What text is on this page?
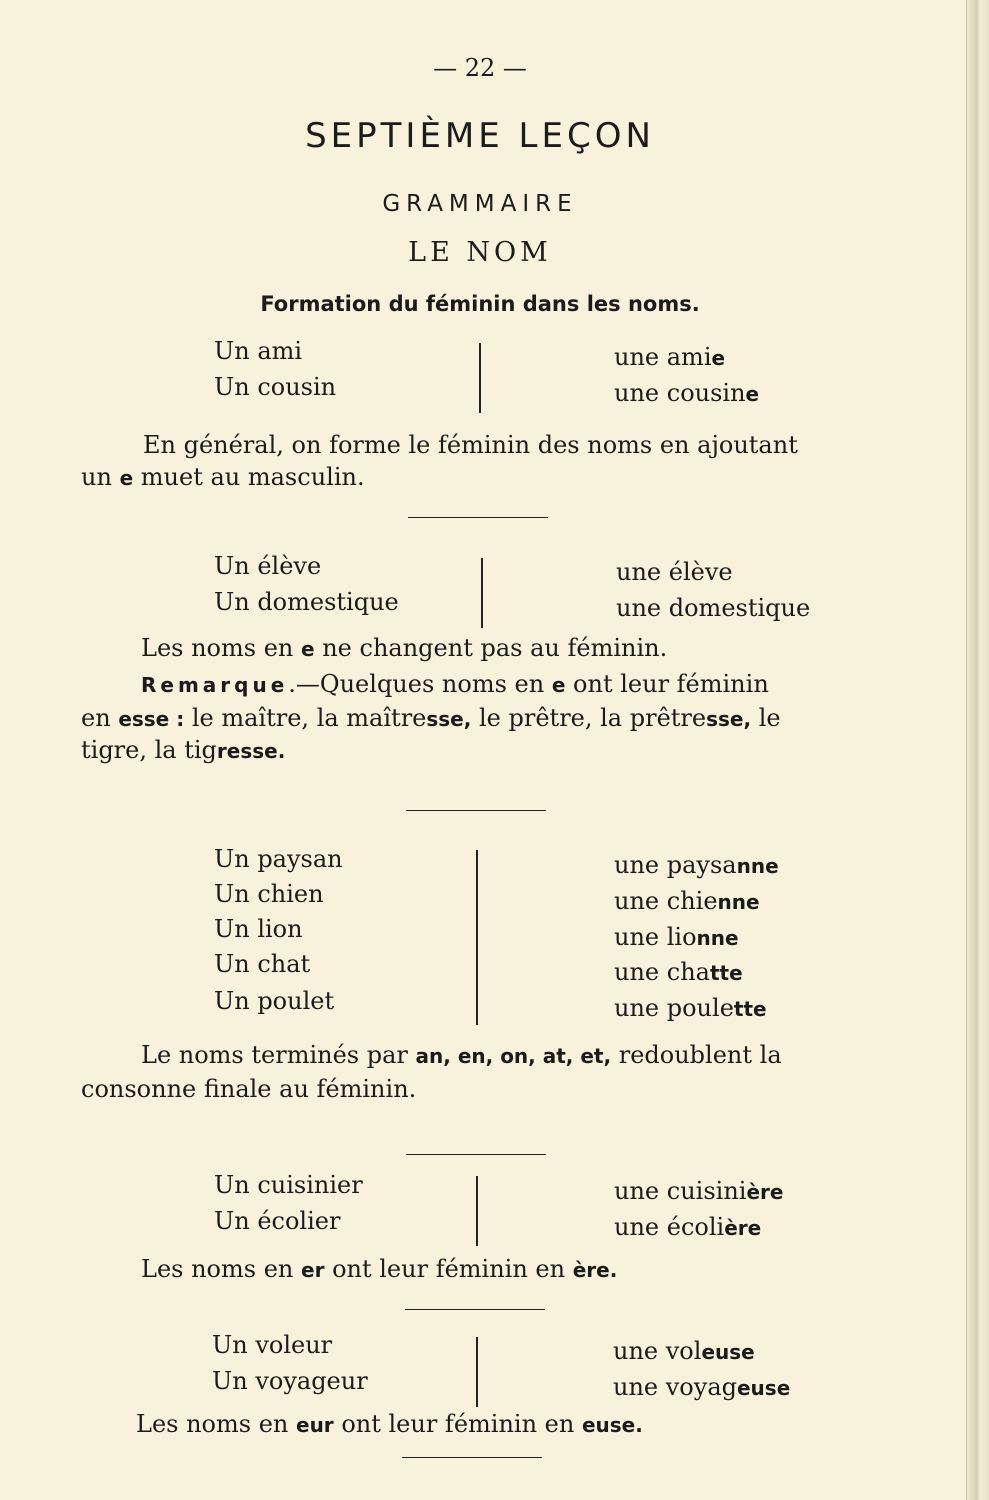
— 22 —
SEPTIÈME LEÇON
GRAMMAIRE
LE NOM
Formation du féminin dans les noms.
Un ami
Un cousin
une amie
une cousine
En général, on forme le féminin des noms en ajoutant
un e muet au masculin.
Un élève
Un domestique
une élève
une domestique
Les noms en e ne changent pas au féminin.
Remarque.—Quelques noms en e ont leur féminin
en esse : le maître, la maîtresse, le prêtre, la prêtresse, le
tigre, la tigresse.
Un paysan
Un chien
Un lion
Un chat
Un poulet
une paysanne
une chienne
une lionne
une chatte
une poulette
Le noms terminés par an, en, on, at, et, redoublent la
consonne finale au féminin.
Un cuisinier
Un écolier
une cuisinière
une écolière
Les noms en er ont leur féminin en ère.
Un voleur
Un voyageur
une voleuse
une voyageuse
Les noms en eur ont leur féminin en euse.
